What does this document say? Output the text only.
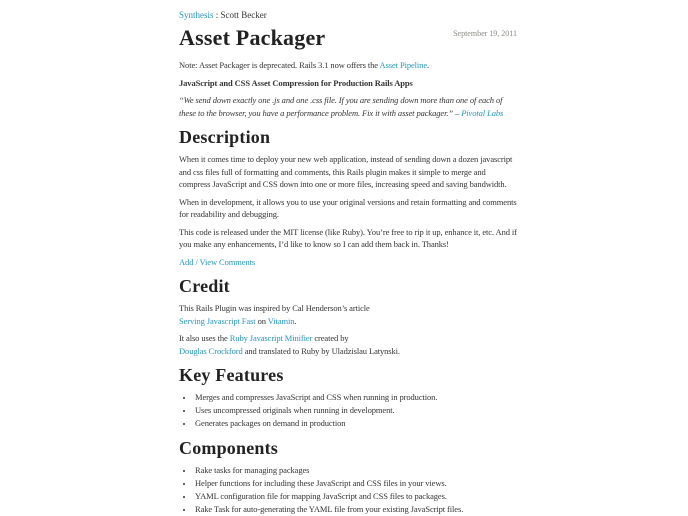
Synthesis : Scott Becker
Asset Packager	September 19, 2011

Note: Asset Packager is deprecated. Rails 3.1 now offers the Asset Pipeline.

JavaScript and CSS Asset Compression for Production Rails Apps

“We send down exactly one .js and one .css file. If you are sending down more than one of each of these to the browser, you have a performance problem. Fix it with asset packager.” – Pivotal Labs

Description

When it comes time to deploy your new web application, instead of sending down a dozen javascript and css files full of formatting and comments, this Rails plugin makes it simple to merge and compress JavaScript and CSS down into one or more files, increasing speed and saving bandwidth.

When in development, it allows you to use your original versions and retain formatting and comments for readability and debugging.

This code is released under the MIT license (like Ruby). You’re free to rip it up, enhance it, etc. And if you make any enhancements, I’d like to know so I can add them back in. Thanks!

Add / View Comments

Credit

This Rails Plugin was inspired by Cal Henderson’s article
Serving Javascript Fast on Vitamin.

It also uses the Ruby Javascript Minifier created by
Douglas Crockford and translated to Ruby by Uladzislau Latynski.

Key Features
• Merges and compresses JavaScript and CSS when running in production.
• Uses uncompressed originals when running in development.
• Generates packages on demand in production
Components
• Rake tasks for managing packages
• Helper functions for including these JavaScript and CSS files in your views.
• YAML configuration file for mapping JavaScript and CSS files to packages.
• Rake Task for auto-generating the YAML file from your existing JavaScript files.
